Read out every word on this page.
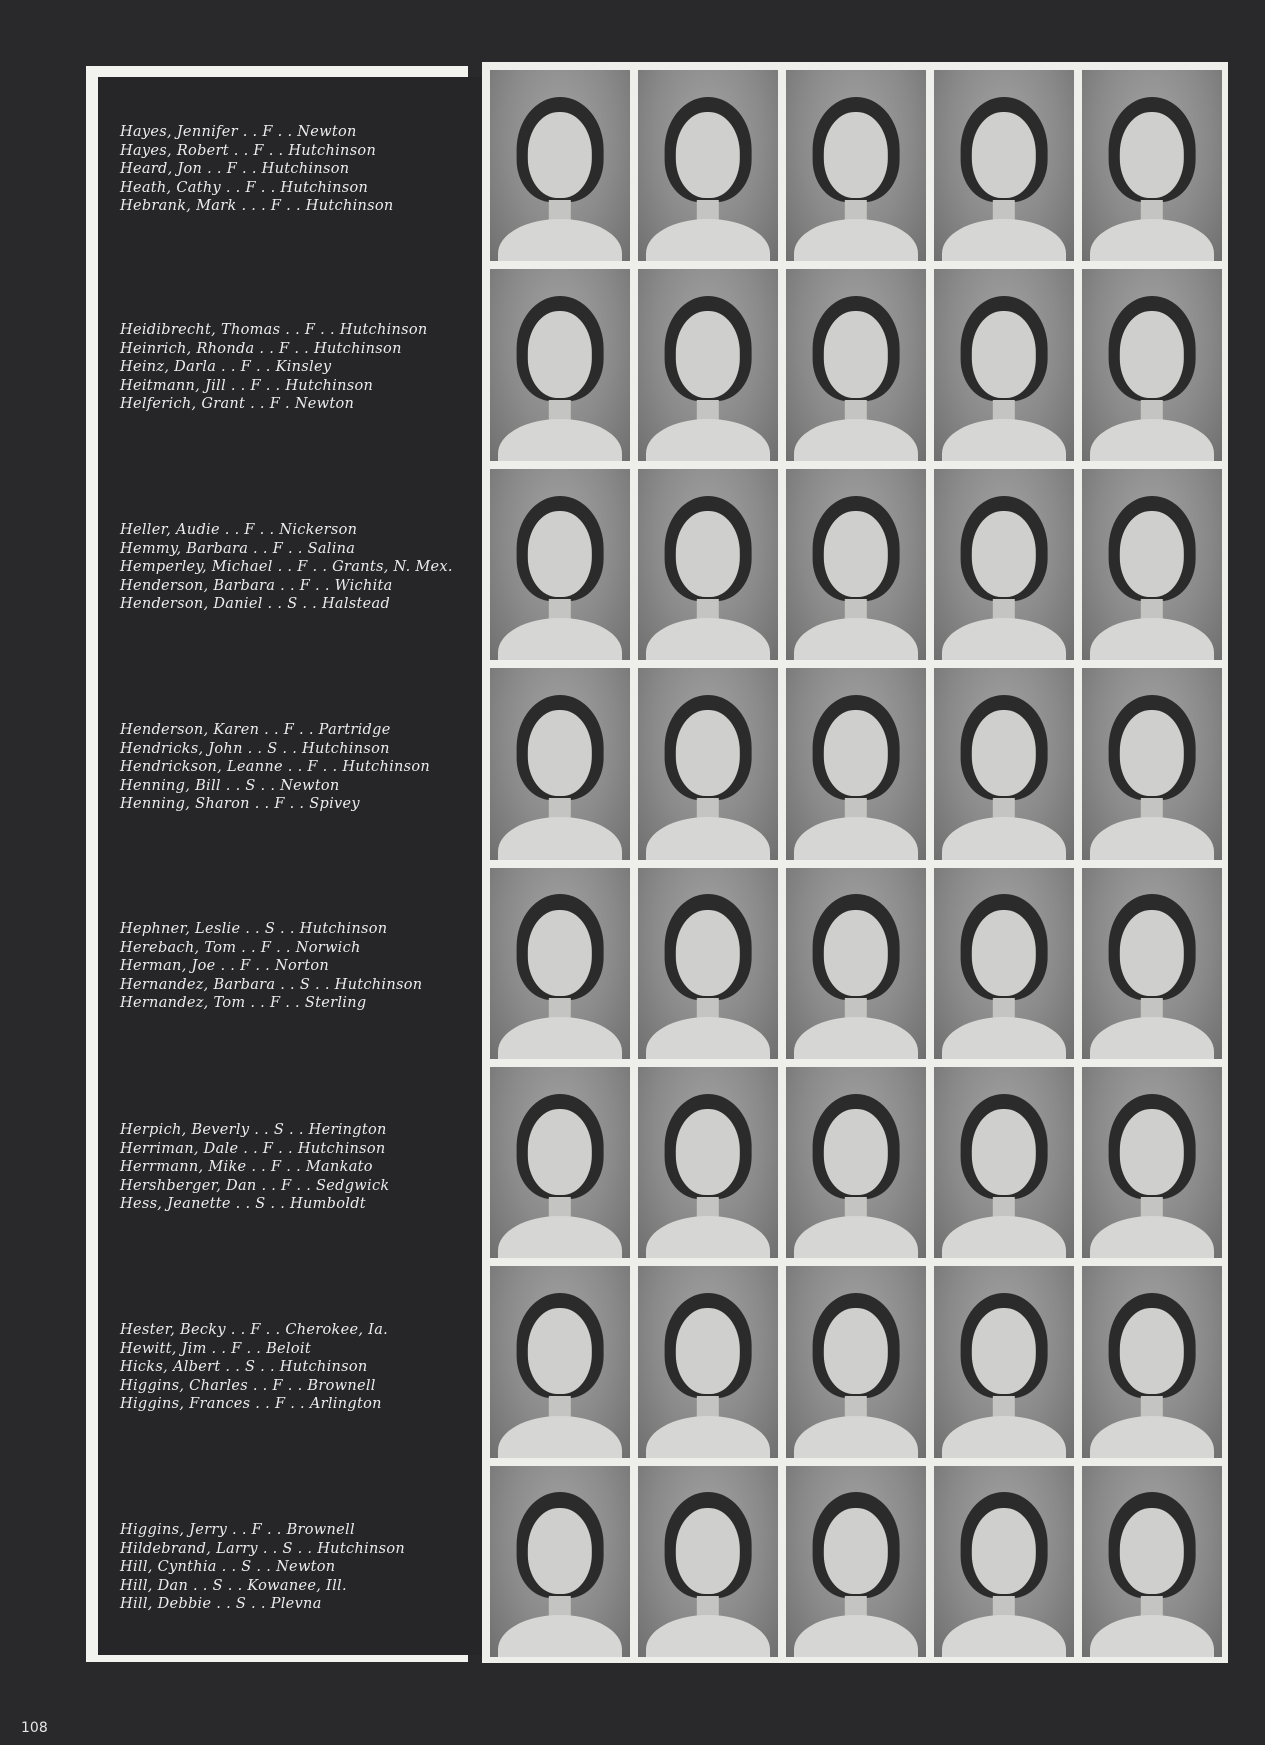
Hayes, Jennifer . . F . . Newton
Hayes, Robert . . F . . Hutchinson
Heard, Jon . . F . . Hutchinson
Heath, Cathy . . F . . Hutchinson
Hebrank, Mark . . . F . . Hutchinson
Heidibrecht, Thomas . . F . . Hutchinson
Heinrich, Rhonda . . F . . Hutchinson
Heinz, Darla . . F . . Kinsley
Heitmann, Jill . . F . . Hutchinson
Helferich, Grant . . F . Newton
Heller, Audie . . F . . Nickerson
Hemmy, Barbara . . F . . Salina
Hemperley, Michael . . F . . Grants, N. Mex.
Henderson, Barbara . . F . . Wichita
Henderson, Daniel . . S . . Halstead
Henderson, Karen . . F . . Partridge
Hendricks, John . . S . . Hutchinson
Hendrickson, Leanne . . F . . Hutchinson
Henning, Bill . . S . . Newton
Henning, Sharon . . F . . Spivey
Hephner, Leslie . . S . . Hutchinson
Herebach, Tom . . F . . Norwich
Herman, Joe . . F . . Norton
Hernandez, Barbara . . S . . Hutchinson
Hernandez, Tom . . F . . Sterling
Herpich, Beverly . . S . . Herington
Herriman, Dale . . F . . Hutchinson
Herrmann, Mike . . F . . Mankato
Hershberger, Dan . . F . . Sedgwick
Hess, Jeanette . . S . . Humboldt
Hester, Becky . . F . . Cherokee, Ia.
Hewitt, Jim . . F . . Beloit
Hicks, Albert . . S . . Hutchinson
Higgins, Charles . . F . . Brownell
Higgins, Frances . . F . . Arlington
Higgins, Jerry . . F . . Brownell
Hildebrand, Larry . . S . . Hutchinson
Hill, Cynthia . . S . . Newton
Hill, Dan . . S . . Kowanee, Ill.
Hill, Debbie . . S . . Plevna
108
